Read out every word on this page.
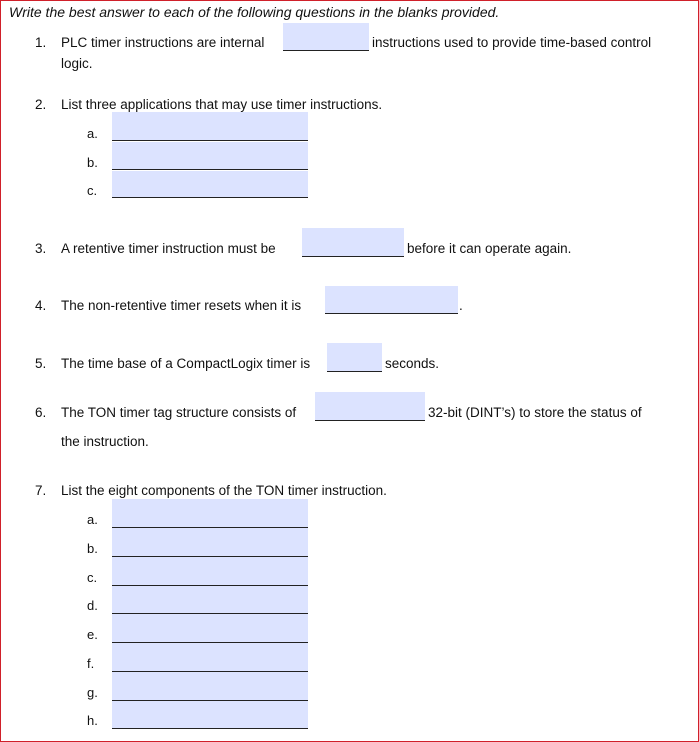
Write the best answer to each of the following questions in the blanks provided.
1.	PLC timer instructions are internal	instructions used to provide time-based control
logic.
2.	List three applications that may use timer instructions.
a.
b.
c.
3.	A retentive timer instruction must be	before it can operate again.
4.	The non-retentive timer resets when it is	.
5.	The time base of a CompactLogix timer is	seconds.
6.	The TON timer tag structure consists of	32-bit (DINT’s) to store the status of
the instruction.
7.	List the eight components of the TON timer instruction.
a.
b.
c.
d.
e.
f.
g.
h.
